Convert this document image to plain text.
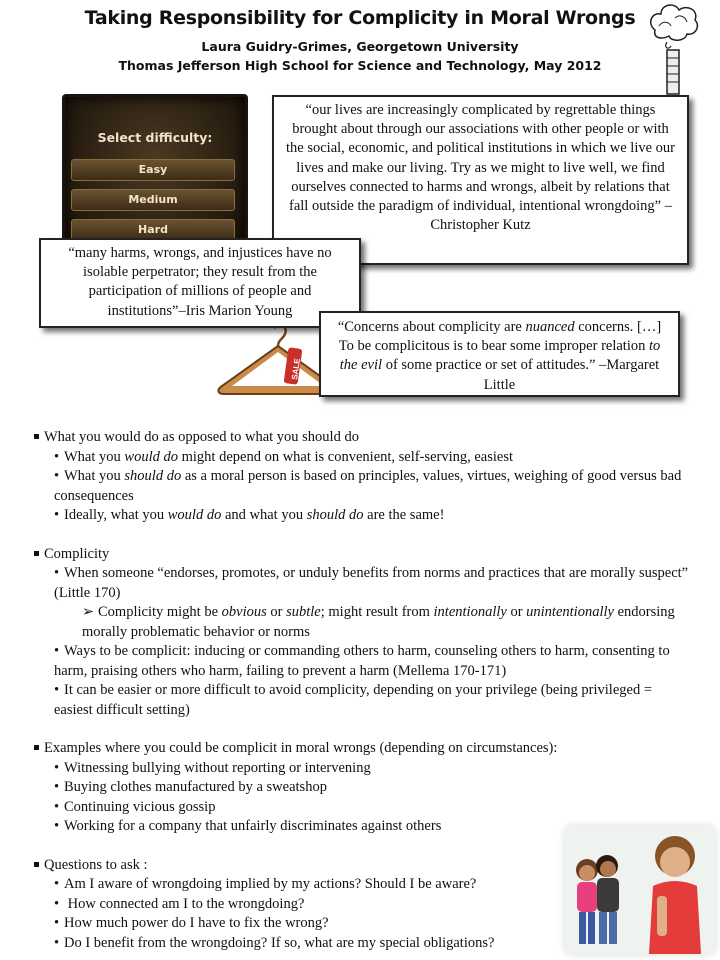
Taking Responsibility for Complicity in Moral Wrongs
Laura Guidry-Grimes, Georgetown University
Thomas Jefferson High School for Science and Technology, May 2012
Select difficulty:
Easy
Medium
Hard
“our lives are increasingly complicated by regrettable things brought about through our associations with other people or with the social, economic, and political institutions in which we live our lives and make our living. Try as we might to live well, we find ourselves connected to harms and wrongs, albeit by relations that fall outside the paradigm of individual, intentional wrongdoing” –Christopher Kutz
“many harms, wrongs, and injustices have no isolable perpetrator; they result from the participation of millions of people and institutions”–Iris Marion Young
SALE
“Concerns about complicity are nuanced concerns. […] To be complicitous is to bear some improper relation to the evil of some practice or set of attitudes.” –Margaret Little

What you would do as opposed to what you should do

• What you would do might depend on what is convenient, self-serving, easiest

• What you should do as a moral person is based on principles, values, virtues, weighing of good versus bad consequences

• Ideally, what you would do and what you should do are the same!

Complicity

• When someone “endorses, promotes, or unduly benefits from norms and practices that are morally suspect” (Little 170)

➢ Complicity might be obvious or subtle; might result from intentionally or unintentionally endorsing morally problematic behavior or norms

• Ways to be complicit: inducing or commanding others to harm, counseling others to harm, consenting to harm, praising others who harm, failing to prevent a harm (Mellema 170-171)

• It can be easier or more difficult to avoid complicity, depending on your privilege (being privileged = easiest difficult setting)

Examples where you could be complicit in moral wrongs (depending on circumstances):

• Witnessing bullying without reporting or intervening

• Buying clothes manufactured by a sweatshop

• Continuing vicious gossip

• Working for a company that unfairly discriminates against others

Questions to ask :

• Am I aware of wrongdoing implied by my actions? Should I be aware?

• How connected am I to the wrongdoing?

• How much power do I have to fix the wrong?

• Do I benefit from the wrongdoing? If so, what are my special obligations?
